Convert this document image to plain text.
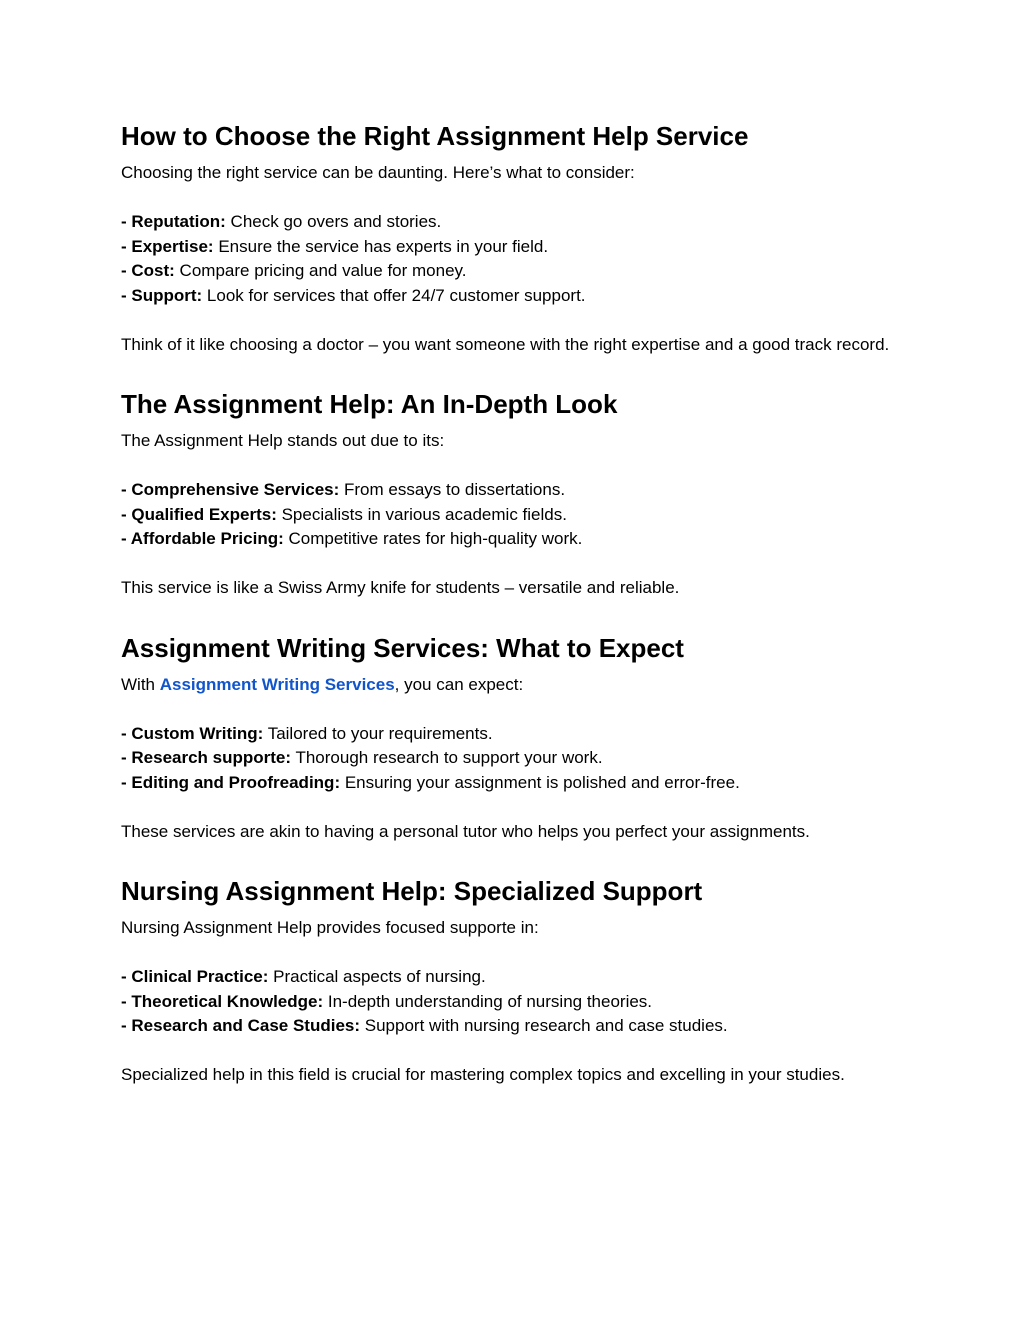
How to Choose the Right Assignment Help Service

Choosing the right service can be daunting. Here’s what to consider:

- Reputation: Check go overs and stories.

- Expertise: Ensure the service has experts in your field.

- Cost: Compare pricing and value for money.

- Support: Look for services that offer 24/7 customer support.

Think of it like choosing a doctor – you want someone with the right expertise and a good track record.

The Assignment Help: An In-Depth Look

The Assignment Help stands out due to its:

- Comprehensive Services: From essays to dissertations.

- Qualified Experts: Specialists in various academic fields.

- Affordable Pricing: Competitive rates for high-quality work.

This service is like a Swiss Army knife for students – versatile and reliable.

Assignment Writing Services: What to Expect

With Assignment Writing Services, you can expect:

- Custom Writing: Tailored to your requirements.

- Research supporte: Thorough research to support your work.

- Editing and Proofreading: Ensuring your assignment is polished and error-free.

These services are akin to having a personal tutor who helps you perfect your assignments.

Nursing Assignment Help: Specialized Support

Nursing Assignment Help provides focused supporte in:

- Clinical Practice: Practical aspects of nursing.

- Theoretical Knowledge: In-depth understanding of nursing theories.

- Research and Case Studies: Support with nursing research and case studies.

Specialized help in this field is crucial for mastering complex topics and excelling in your studies.
